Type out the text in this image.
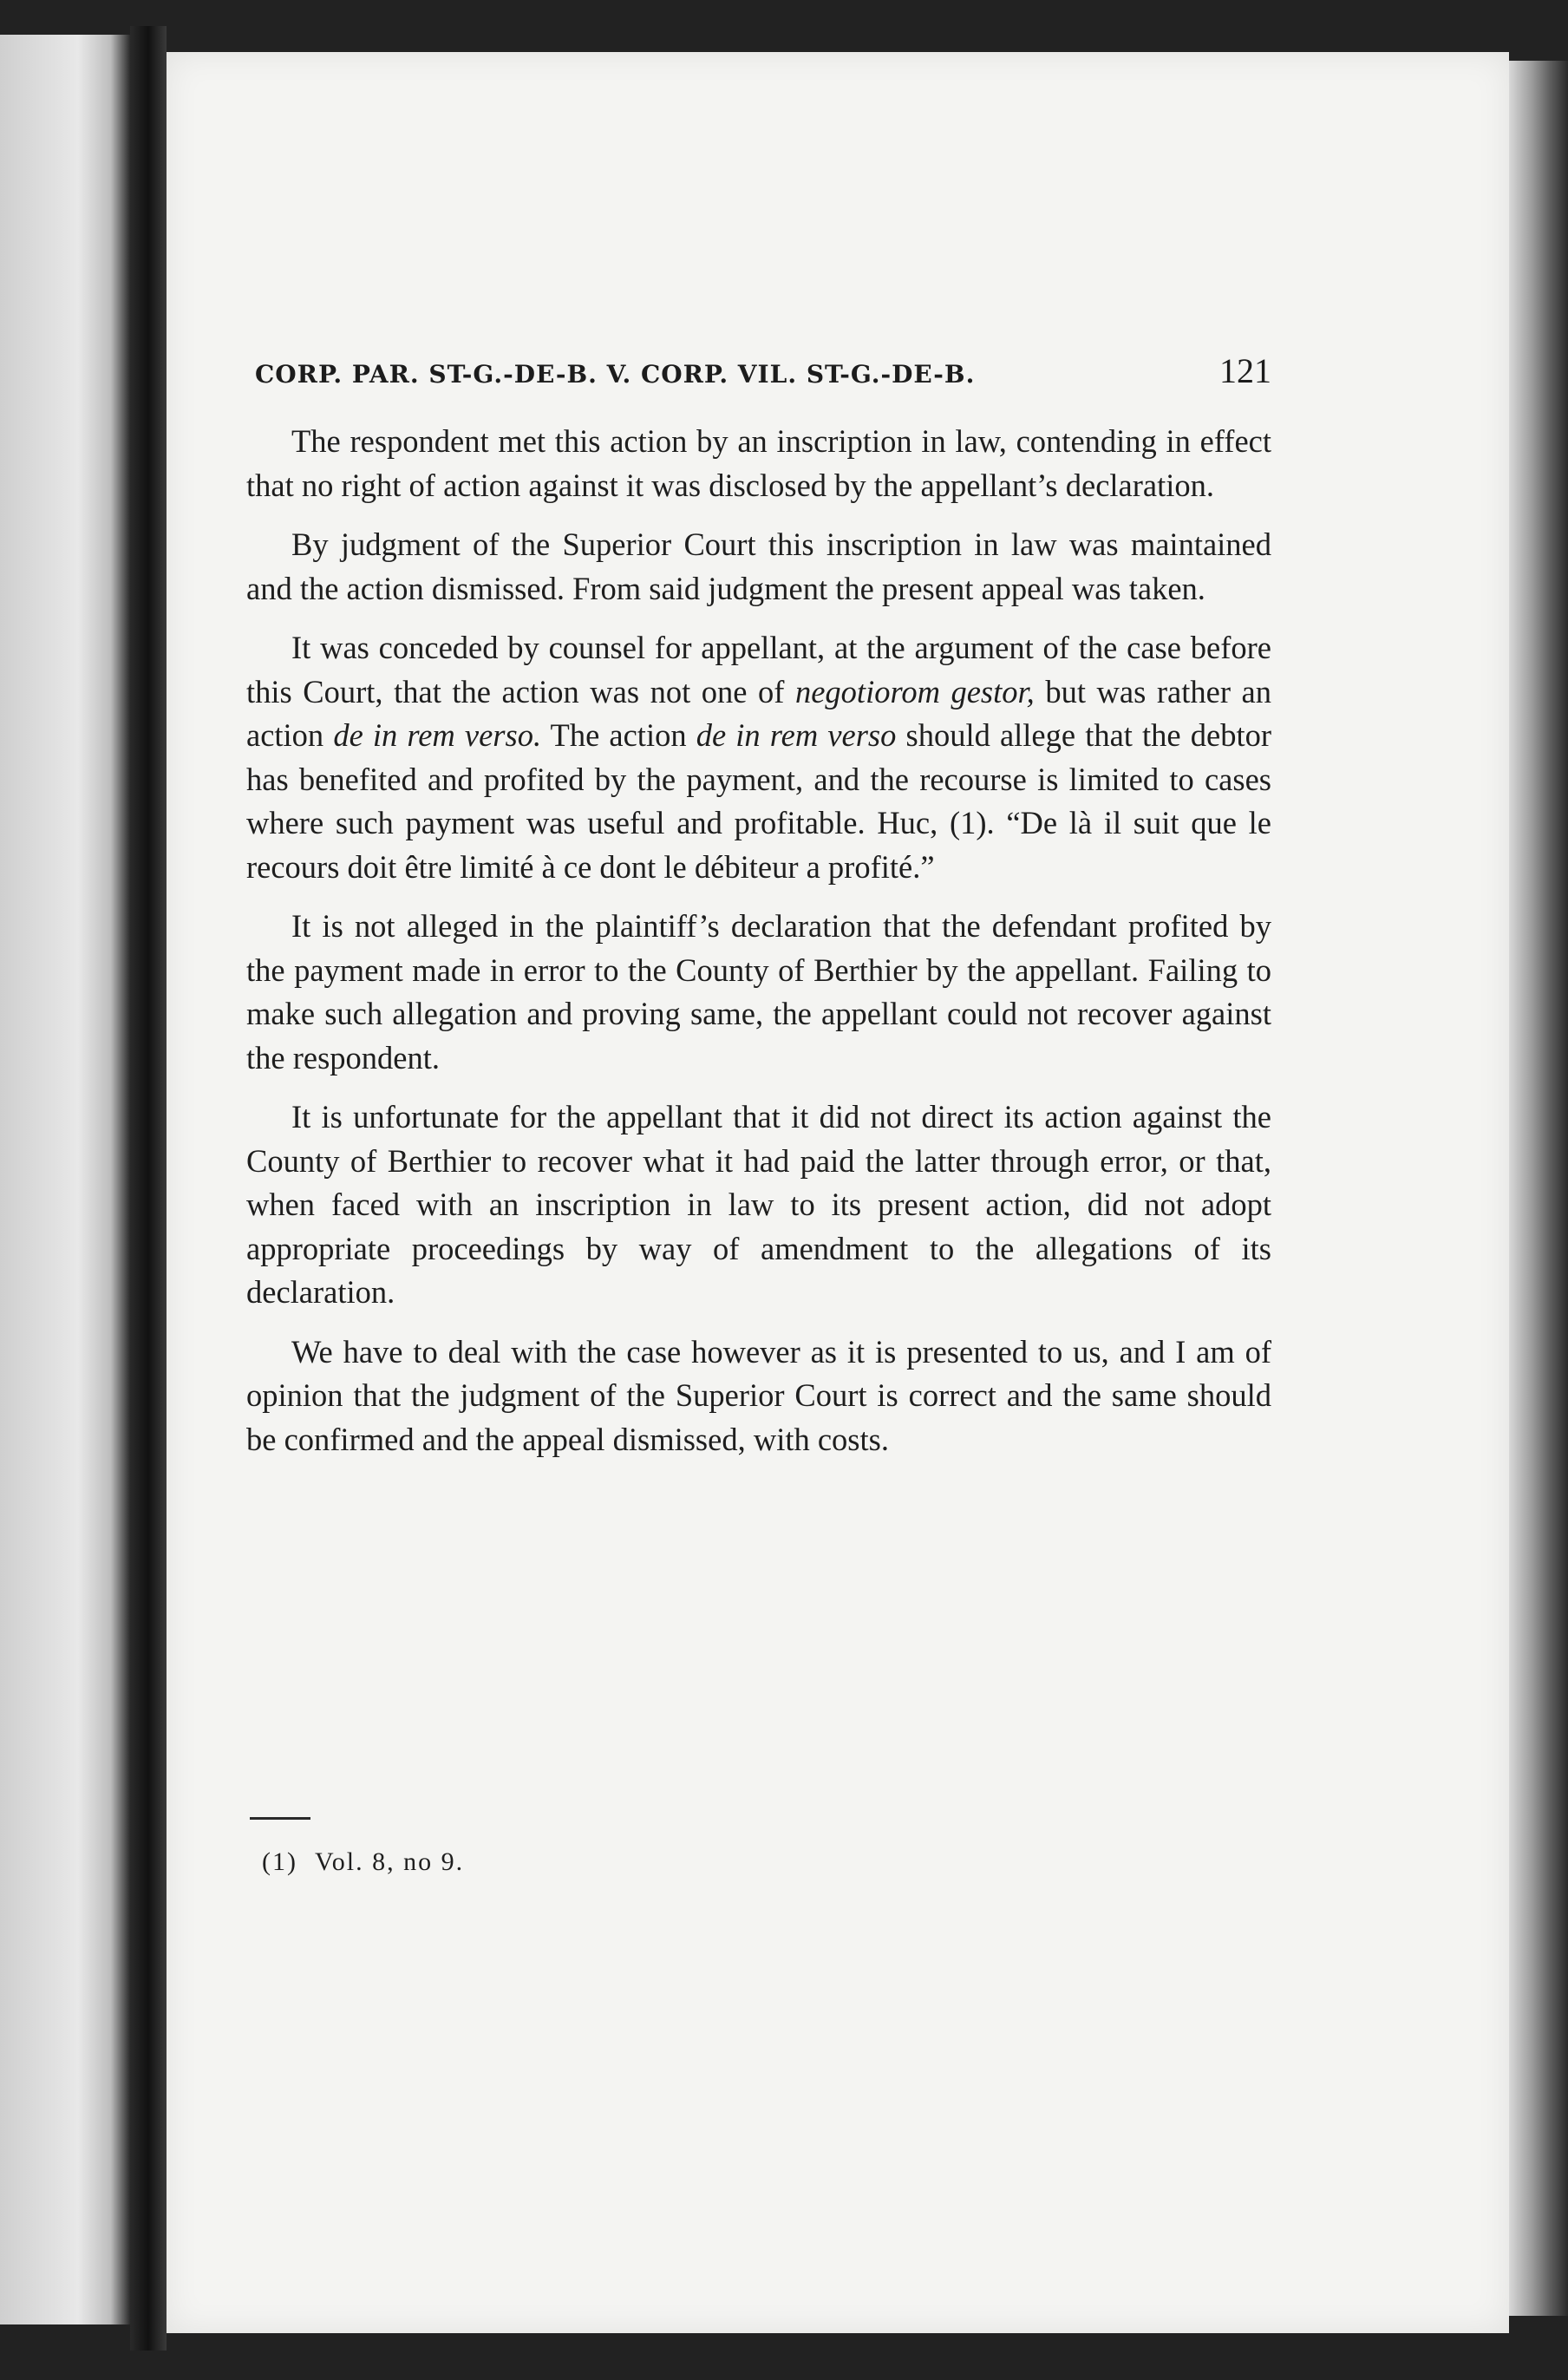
CORP. PAR. ST-G.-DE-B. V. CORP. VIL. ST-G.-DE-B.	121

The respondent met this action by an inscription in law, contending in effect that no right of action against it was disclosed by the appellant’s declaration.

By judgment of the Superior Court this inscription in law was maintained and the action dismissed. From said judgment the present appeal was taken.

It was conceded by counsel for appellant, at the argument of the case before this Court, that the action was not one of negotiorom gestor, but was rather an action de in rem verso. The action de in rem verso should allege that the debtor has benefited and profited by the payment, and the recourse is limited to cases where such payment was useful and profitable. Huc, (1). “De là il suit que le recours doit être limité à ce dont le débiteur a profité.”

It is not alleged in the plaintiff’s declaration that the defendant profited by the payment made in error to the County of Berthier by the appellant. Failing to make such allegation and proving same, the appellant could not recover against the respondent.

It is unfortunate for the appellant that it did not direct its action against the County of Berthier to recover what it had paid the latter through error, or that, when faced with an inscription in law to its present action, did not adopt appropriate proceedings by way of amendment to the allegations of its declaration.

We have to deal with the case however as it is presented to us, and I am of opinion that the judgment of the Superior Court is correct and the same should be confirmed and the appeal dismissed, with costs.

(1) Vol. 8, no 9.
